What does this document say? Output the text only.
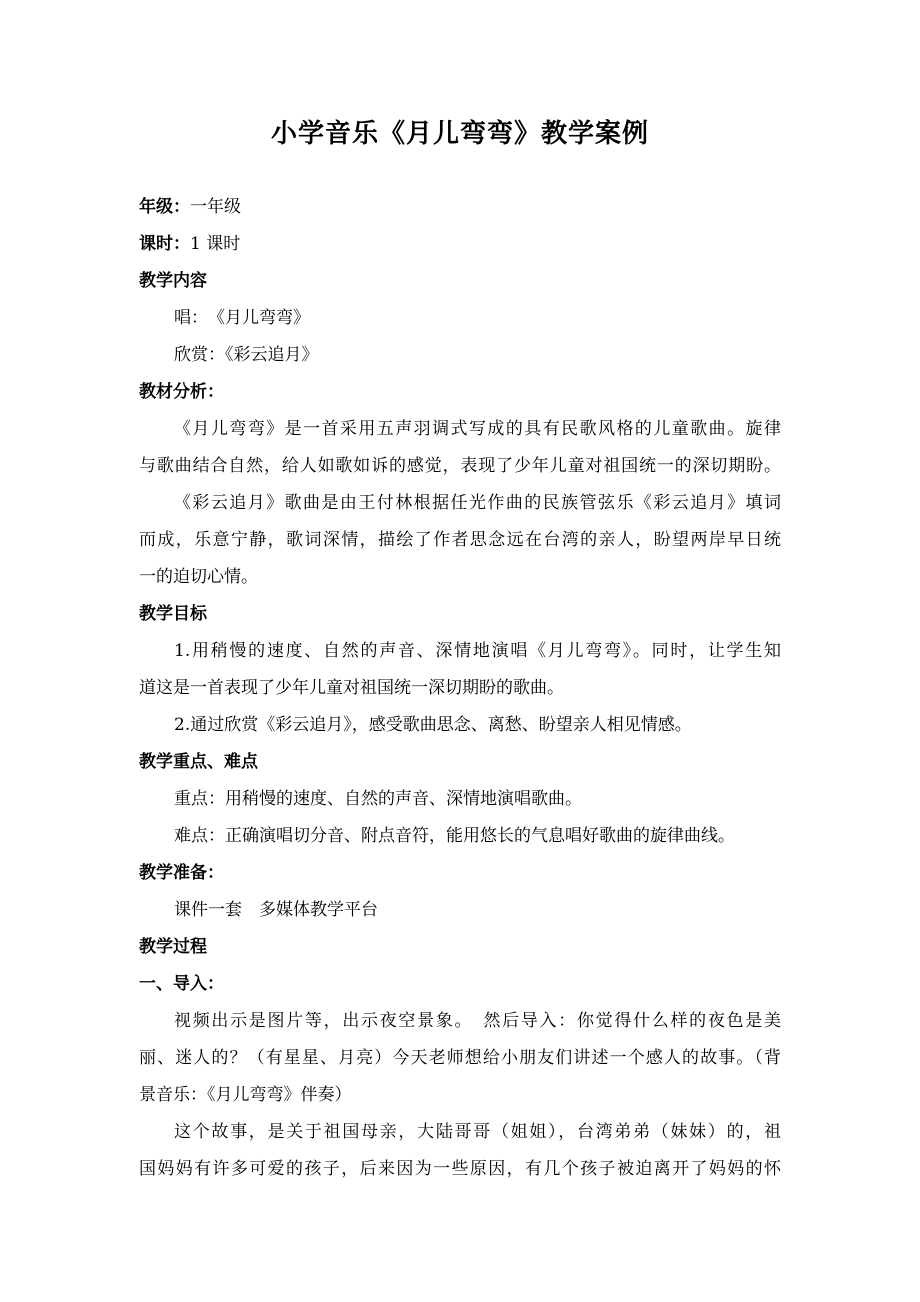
小学音乐《月儿弯弯》教学案例
年级：一年级
课时：1 课时
教学内容
唱：　《月儿弯弯》
欣赏：《彩云追月》
教材分析：
《月儿弯弯》是一首采用五声羽调式写成的具有民歌风格的儿童歌曲。旋律
与歌曲结合自然，给人如歌如诉的感觉，表现了少年儿童对祖国统一的深切期盼。
《彩云追月》歌曲是由王付林根据任光作曲的民族管弦乐《彩云追月》填词
而成，乐意宁静，歌词深情，描绘了作者思念远在台湾的亲人，盼望两岸早日统
一的迫切心情。
教学目标
1.用稍慢的速度、自然的声音、深情地演唱《月儿弯弯》。同时，让学生知
道这是一首表现了少年儿童对祖国统一深切期盼的歌曲。
2.通过欣赏《彩云追月》，感受歌曲思念、离愁、盼望亲人相见情感。
教学重点、难点
重点：用稍慢的速度、自然的声音、深情地演唱歌曲。
难点：正确演唱切分音、附点音符，能用悠长的气息唱好歌曲的旋律曲线。
教学准备：
课件一套　多媒体教学平台
教学过程
一、导入：
视频出示是图片等，出示夜空景象。　然后导入：你觉得什么样的夜色是美
丽、迷人的？（有星星、月亮）今天老师想给小朋友们讲述一个感人的故事。（背
景音乐：《月儿弯弯》伴奏）
这个故事，是关于祖国母亲，大陆哥哥（姐姐），台湾弟弟（妹妹）的，祖
国妈妈有许多可爱的孩子，后来因为一些原因，有几个孩子被迫离开了妈妈的怀
